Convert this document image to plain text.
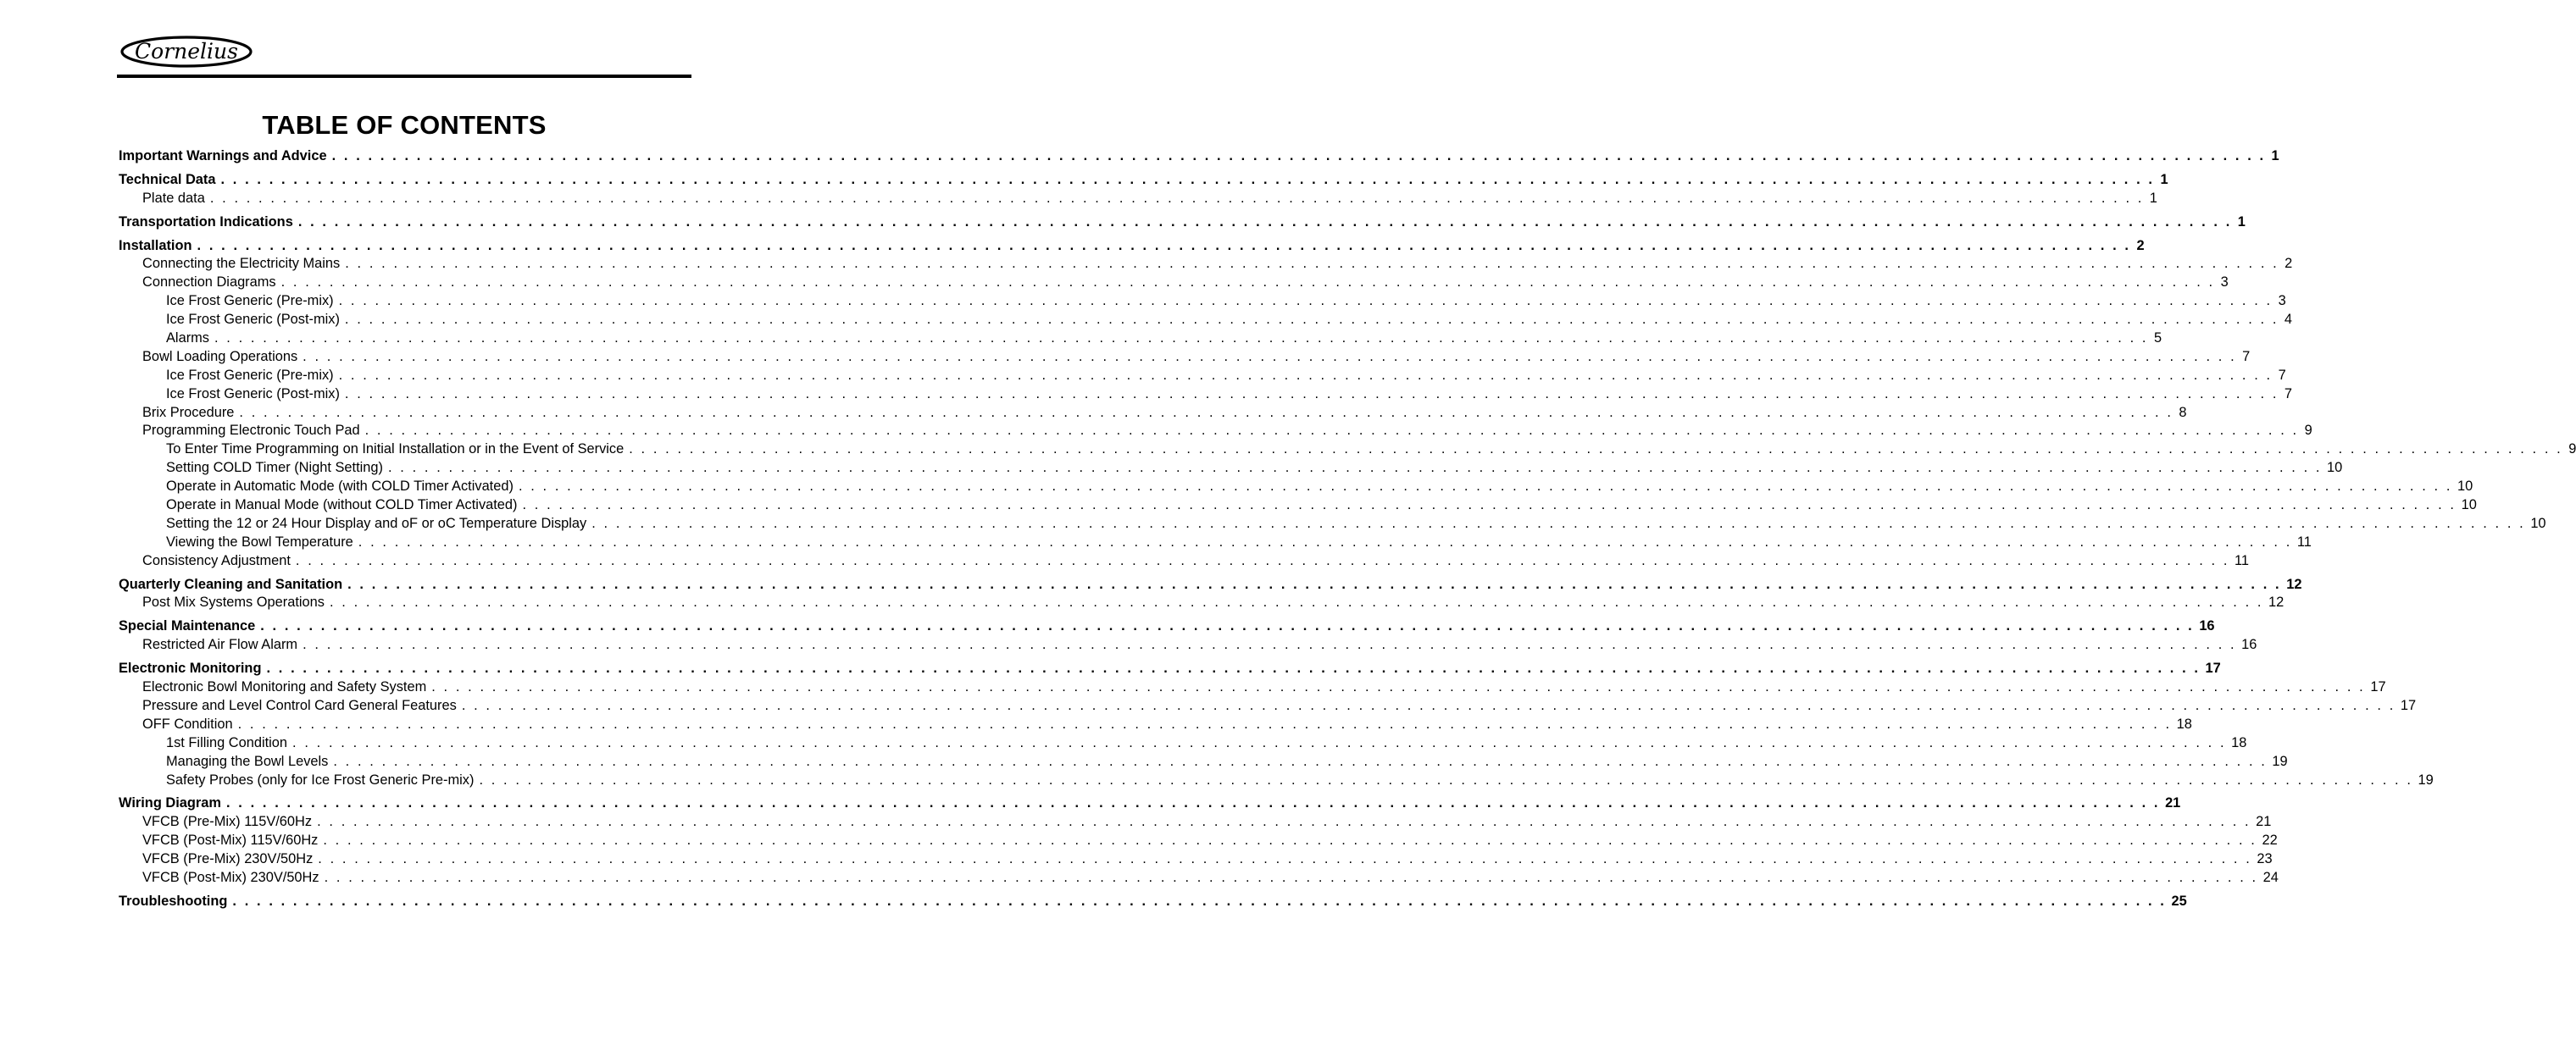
Cornelius
TABLE OF CONTENTS
Important Warnings and Advice . . . . . . . . . . . . . . . . . . . . . . . . . . . . . . . . . . . . . . . . . . . . . . . . . . . . . . . . . . . . . . . . . . . . . . . . . . . . . . . . . . . . . . . . . . . . . . . . . . . . . . . . . . . . . . . . . . . . . . . . . . . . . . . . . . . . . . . . . . . . . . . . . . . . . . . . . . . . . . . . 1
Technical Data . . . . . . . . . . . . . . . . . . . . . . . . . . . . . . . . . . . . . . . . . . . . . . . . . . . . . . . . . . . . . . . . . . . . . . . . . . . . . . . . . . . . . . . . . . . . . . . . . . . . . . . . . . . . . . . . . . . . . . . . . . . . . . . . . . . . . . . . . . . . . . . . . . . . . . . . . . . . . . . . 1
Plate data . . . . . . . . . . . . . . . . . . . . . . . . . . . . . . . . . . . . . . . . . . . . . . . . . . . . . . . . . . . . . . . . . . . . . . . . . . . . . . . . . . . . . . . . . . . . . . . . . . . . . . . . . . . . . . . . . . . . . . . . . . . . . . . . . . . . . . . . . . . . . . . . . . . . . . . . . . . . . . . . 1
Transportation Indications . . . . . . . . . . . . . . . . . . . . . . . . . . . . . . . . . . . . . . . . . . . . . . . . . . . . . . . . . . . . . . . . . . . . . . . . . . . . . . . . . . . . . . . . . . . . . . . . . . . . . . . . . . . . . . . . . . . . . . . . . . . . . . . . . . . . . . . . . . . . . . . . . . . . . . . . . . . . . . . . 1
Installation . . . . . . . . . . . . . . . . . . . . . . . . . . . . . . . . . . . . . . . . . . . . . . . . . . . . . . . . . . . . . . . . . . . . . . . . . . . . . . . . . . . . . . . . . . . . . . . . . . . . . . . . . . . . . . . . . . . . . . . . . . . . . . . . . . . . . . . . . . . . . . . . . . . . . . . . . . . . . . . . 2
Connecting the Electricity Mains . . . . . . . . . . . . . . . . . . . . . . . . . . . . . . . . . . . . . . . . . . . . . . . . . . . . . . . . . . . . . . . . . . . . . . . . . . . . . . . . . . . . . . . . . . . . . . . . . . . . . . . . . . . . . . . . . . . . . . . . . . . . . . . . . . . . . . . . . . . . . . . . . . . . . . . . . . . . . . . . 2
Connection Diagrams . . . . . . . . . . . . . . . . . . . . . . . . . . . . . . . . . . . . . . . . . . . . . . . . . . . . . . . . . . . . . . . . . . . . . . . . . . . . . . . . . . . . . . . . . . . . . . . . . . . . . . . . . . . . . . . . . . . . . . . . . . . . . . . . . . . . . . . . . . . . . . . . . . . . . . . . . . . . . . . . 3
Ice Frost Generic (Pre-mix) . . . . . . . . . . . . . . . . . . . . . . . . . . . . . . . . . . . . . . . . . . . . . . . . . . . . . . . . . . . . . . . . . . . . . . . . . . . . . . . . . . . . . . . . . . . . . . . . . . . . . . . . . . . . . . . . . . . . . . . . . . . . . . . . . . . . . . . . . . . . . . . . . . . . . . . . . . . . . . . . 3
Ice Frost Generic (Post-mix) . . . . . . . . . . . . . . . . . . . . . . . . . . . . . . . . . . . . . . . . . . . . . . . . . . . . . . . . . . . . . . . . . . . . . . . . . . . . . . . . . . . . . . . . . . . . . . . . . . . . . . . . . . . . . . . . . . . . . . . . . . . . . . . . . . . . . . . . . . . . . . . . . . . . . . . . . . . . . . . . 4
Alarms . . . . . . . . . . . . . . . . . . . . . . . . . . . . . . . . . . . . . . . . . . . . . . . . . . . . . . . . . . . . . . . . . . . . . . . . . . . . . . . . . . . . . . . . . . . . . . . . . . . . . . . . . . . . . . . . . . . . . . . . . . . . . . . . . . . . . . . . . . . . . . . . . . . . . . . . . . . . . . . . 5
Bowl Loading Operations . . . . . . . . . . . . . . . . . . . . . . . . . . . . . . . . . . . . . . . . . . . . . . . . . . . . . . . . . . . . . . . . . . . . . . . . . . . . . . . . . . . . . . . . . . . . . . . . . . . . . . . . . . . . . . . . . . . . . . . . . . . . . . . . . . . . . . . . . . . . . . . . . . . . . . . . . . . . . . . . 7
Ice Frost Generic (Pre-mix) . . . . . . . . . . . . . . . . . . . . . . . . . . . . . . . . . . . . . . . . . . . . . . . . . . . . . . . . . . . . . . . . . . . . . . . . . . . . . . . . . . . . . . . . . . . . . . . . . . . . . . . . . . . . . . . . . . . . . . . . . . . . . . . . . . . . . . . . . . . . . . . . . . . . . . . . . . . . . . . . 7
Ice Frost Generic (Post-mix) . . . . . . . . . . . . . . . . . . . . . . . . . . . . . . . . . . . . . . . . . . . . . . . . . . . . . . . . . . . . . . . . . . . . . . . . . . . . . . . . . . . . . . . . . . . . . . . . . . . . . . . . . . . . . . . . . . . . . . . . . . . . . . . . . . . . . . . . . . . . . . . . . . . . . . . . . . . . . . . . 7
Brix Procedure . . . . . . . . . . . . . . . . . . . . . . . . . . . . . . . . . . . . . . . . . . . . . . . . . . . . . . . . . . . . . . . . . . . . . . . . . . . . . . . . . . . . . . . . . . . . . . . . . . . . . . . . . . . . . . . . . . . . . . . . . . . . . . . . . . . . . . . . . . . . . . . . . . . . . . . . . . . . . . . . 8
Programming Electronic Touch Pad . . . . . . . . . . . . . . . . . . . . . . . . . . . . . . . . . . . . . . . . . . . . . . . . . . . . . . . . . . . . . . . . . . . . . . . . . . . . . . . . . . . . . . . . . . . . . . . . . . . . . . . . . . . . . . . . . . . . . . . . . . . . . . . . . . . . . . . . . . . . . . . . . . . . . . . . . . . . . . . . 9
To Enter Time Programming on Initial Installation or in the Event of Service . . . . . . . . . . . . . . . . . . . . . . . . . . . . . . . . . . . . . . . . . . . . . . . . . . . . . . . . . . . . . . . . . . . . . . . . . . . . . . . . . . . . . . . . . . . . . . . . . . . . . . . . . . . . . . . . . . . . . . . . . . . . . . . . . . . . . . . . . . . . . . . . . . . . . . . . . . . . . . . . 9
Setting COLD Timer (Night Setting) . . . . . . . . . . . . . . . . . . . . . . . . . . . . . . . . . . . . . . . . . . . . . . . . . . . . . . . . . . . . . . . . . . . . . . . . . . . . . . . . . . . . . . . . . . . . . . . . . . . . . . . . . . . . . . . . . . . . . . . . . . . . . . . . . . . . . . . . . . . . . . . . . . . . . . . . . . . . . . . . 10
Operate in Automatic Mode (with COLD Timer Activated) . . . . . . . . . . . . . . . . . . . . . . . . . . . . . . . . . . . . . . . . . . . . . . . . . . . . . . . . . . . . . . . . . . . . . . . . . . . . . . . . . . . . . . . . . . . . . . . . . . . . . . . . . . . . . . . . . . . . . . . . . . . . . . . . . . . . . . . . . . . . . . . . . . . . . . . . . . . . . . . . 10
Operate in Manual Mode (without COLD Timer Activated) . . . . . . . . . . . . . . . . . . . . . . . . . . . . . . . . . . . . . . . . . . . . . . . . . . . . . . . . . . . . . . . . . . . . . . . . . . . . . . . . . . . . . . . . . . . . . . . . . . . . . . . . . . . . . . . . . . . . . . . . . . . . . . . . . . . . . . . . . . . . . . . . . . . . . . . . . . . . . . . . 10
Setting the 12 or 24 Hour Display and oF or oC Temperature Display . . . . . . . . . . . . . . . . . . . . . . . . . . . . . . . . . . . . . . . . . . . . . . . . . . . . . . . . . . . . . . . . . . . . . . . . . . . . . . . . . . . . . . . . . . . . . . . . . . . . . . . . . . . . . . . . . . . . . . . . . . . . . . . . . . . . . . . . . . . . . . . . . . . . . . . . . . . . . . . . 10
Viewing the Bowl Temperature . . . . . . . . . . . . . . . . . . . . . . . . . . . . . . . . . . . . . . . . . . . . . . . . . . . . . . . . . . . . . . . . . . . . . . . . . . . . . . . . . . . . . . . . . . . . . . . . . . . . . . . . . . . . . . . . . . . . . . . . . . . . . . . . . . . . . . . . . . . . . . . . . . . . . . . . . . . . . . . . 11
Consistency Adjustment . . . . . . . . . . . . . . . . . . . . . . . . . . . . . . . . . . . . . . . . . . . . . . . . . . . . . . . . . . . . . . . . . . . . . . . . . . . . . . . . . . . . . . . . . . . . . . . . . . . . . . . . . . . . . . . . . . . . . . . . . . . . . . . . . . . . . . . . . . . . . . . . . . . . . . . . . . . . . . . . 11
Quarterly Cleaning and Sanitation . . . . . . . . . . . . . . . . . . . . . . . . . . . . . . . . . . . . . . . . . . . . . . . . . . . . . . . . . . . . . . . . . . . . . . . . . . . . . . . . . . . . . . . . . . . . . . . . . . . . . . . . . . . . . . . . . . . . . . . . . . . . . . . . . . . . . . . . . . . . . . . . . . . . . . . . . . . . . . . . 12
Post Mix Systems Operations . . . . . . . . . . . . . . . . . . . . . . . . . . . . . . . . . . . . . . . . . . . . . . . . . . . . . . . . . . . . . . . . . . . . . . . . . . . . . . . . . . . . . . . . . . . . . . . . . . . . . . . . . . . . . . . . . . . . . . . . . . . . . . . . . . . . . . . . . . . . . . . . . . . . . . . . . . . . . . . . 12
Special Maintenance . . . . . . . . . . . . . . . . . . . . . . . . . . . . . . . . . . . . . . . . . . . . . . . . . . . . . . . . . . . . . . . . . . . . . . . . . . . . . . . . . . . . . . . . . . . . . . . . . . . . . . . . . . . . . . . . . . . . . . . . . . . . . . . . . . . . . . . . . . . . . . . . . . . . . . . . . . . . . . . . 16
Restricted Air Flow Alarm . . . . . . . . . . . . . . . . . . . . . . . . . . . . . . . . . . . . . . . . . . . . . . . . . . . . . . . . . . . . . . . . . . . . . . . . . . . . . . . . . . . . . . . . . . . . . . . . . . . . . . . . . . . . . . . . . . . . . . . . . . . . . . . . . . . . . . . . . . . . . . . . . . . . . . . . . . . . . . . . 16
Electronic Monitoring . . . . . . . . . . . . . . . . . . . . . . . . . . . . . . . . . . . . . . . . . . . . . . . . . . . . . . . . . . . . . . . . . . . . . . . . . . . . . . . . . . . . . . . . . . . . . . . . . . . . . . . . . . . . . . . . . . . . . . . . . . . . . . . . . . . . . . . . . . . . . . . . . . . . . . . . . . . . . . . . 17
Electronic Bowl Monitoring and Safety System . . . . . . . . . . . . . . . . . . . . . . . . . . . . . . . . . . . . . . . . . . . . . . . . . . . . . . . . . . . . . . . . . . . . . . . . . . . . . . . . . . . . . . . . . . . . . . . . . . . . . . . . . . . . . . . . . . . . . . . . . . . . . . . . . . . . . . . . . . . . . . . . . . . . . . . . . . . . . . . . 17
Pressure and Level Control Card General Features . . . . . . . . . . . . . . . . . . . . . . . . . . . . . . . . . . . . . . . . . . . . . . . . . . . . . . . . . . . . . . . . . . . . . . . . . . . . . . . . . . . . . . . . . . . . . . . . . . . . . . . . . . . . . . . . . . . . . . . . . . . . . . . . . . . . . . . . . . . . . . . . . . . . . . . . . . . . . . . . 17
OFF Condition . . . . . . . . . . . . . . . . . . . . . . . . . . . . . . . . . . . . . . . . . . . . . . . . . . . . . . . . . . . . . . . . . . . . . . . . . . . . . . . . . . . . . . . . . . . . . . . . . . . . . . . . . . . . . . . . . . . . . . . . . . . . . . . . . . . . . . . . . . . . . . . . . . . . . . . . . . . . . . . . 18
1st Filling Condition . . . . . . . . . . . . . . . . . . . . . . . . . . . . . . . . . . . . . . . . . . . . . . . . . . . . . . . . . . . . . . . . . . . . . . . . . . . . . . . . . . . . . . . . . . . . . . . . . . . . . . . . . . . . . . . . . . . . . . . . . . . . . . . . . . . . . . . . . . . . . . . . . . . . . . . . . . . . . . . . 18
Managing the Bowl Levels . . . . . . . . . . . . . . . . . . . . . . . . . . . . . . . . . . . . . . . . . . . . . . . . . . . . . . . . . . . . . . . . . . . . . . . . . . . . . . . . . . . . . . . . . . . . . . . . . . . . . . . . . . . . . . . . . . . . . . . . . . . . . . . . . . . . . . . . . . . . . . . . . . . . . . . . . . . . . . . . 19
Safety Probes (only for Ice Frost Generic Pre-mix) . . . . . . . . . . . . . . . . . . . . . . . . . . . . . . . . . . . . . . . . . . . . . . . . . . . . . . . . . . . . . . . . . . . . . . . . . . . . . . . . . . . . . . . . . . . . . . . . . . . . . . . . . . . . . . . . . . . . . . . . . . . . . . . . . . . . . . . . . . . . . . . . . . . . . . . . . . . . . . . . 19
Wiring Diagram . . . . . . . . . . . . . . . . . . . . . . . . . . . . . . . . . . . . . . . . . . . . . . . . . . . . . . . . . . . . . . . . . . . . . . . . . . . . . . . . . . . . . . . . . . . . . . . . . . . . . . . . . . . . . . . . . . . . . . . . . . . . . . . . . . . . . . . . . . . . . . . . . . . . . . . . . . . . . . . . 21
VFCB (Pre-Mix) 115V/60Hz . . . . . . . . . . . . . . . . . . . . . . . . . . . . . . . . . . . . . . . . . . . . . . . . . . . . . . . . . . . . . . . . . . . . . . . . . . . . . . . . . . . . . . . . . . . . . . . . . . . . . . . . . . . . . . . . . . . . . . . . . . . . . . . . . . . . . . . . . . . . . . . . . . . . . . . . . . . . . . . . 21
VFCB (Post-Mix) 115V/60Hz . . . . . . . . . . . . . . . . . . . . . . . . . . . . . . . . . . . . . . . . . . . . . . . . . . . . . . . . . . . . . . . . . . . . . . . . . . . . . . . . . . . . . . . . . . . . . . . . . . . . . . . . . . . . . . . . . . . . . . . . . . . . . . . . . . . . . . . . . . . . . . . . . . . . . . . . . . . . . . . . 22
VFCB (Pre-Mix) 230V/50Hz . . . . . . . . . . . . . . . . . . . . . . . . . . . . . . . . . . . . . . . . . . . . . . . . . . . . . . . . . . . . . . . . . . . . . . . . . . . . . . . . . . . . . . . . . . . . . . . . . . . . . . . . . . . . . . . . . . . . . . . . . . . . . . . . . . . . . . . . . . . . . . . . . . . . . . . . . . . . . . . . 23
VFCB (Post-Mix) 230V/50Hz . . . . . . . . . . . . . . . . . . . . . . . . . . . . . . . . . . . . . . . . . . . . . . . . . . . . . . . . . . . . . . . . . . . . . . . . . . . . . . . . . . . . . . . . . . . . . . . . . . . . . . . . . . . . . . . . . . . . . . . . . . . . . . . . . . . . . . . . . . . . . . . . . . . . . . . . . . . . . . . . 24
Troubleshooting . . . . . . . . . . . . . . . . . . . . . . . . . . . . . . . . . . . . . . . . . . . . . . . . . . . . . . . . . . . . . . . . . . . . . . . . . . . . . . . . . . . . . . . . . . . . . . . . . . . . . . . . . . . . . . . . . . . . . . . . . . . . . . . . . . . . . . . . . . . . . . . . . . . . . . . . . . . . . . . . 25
